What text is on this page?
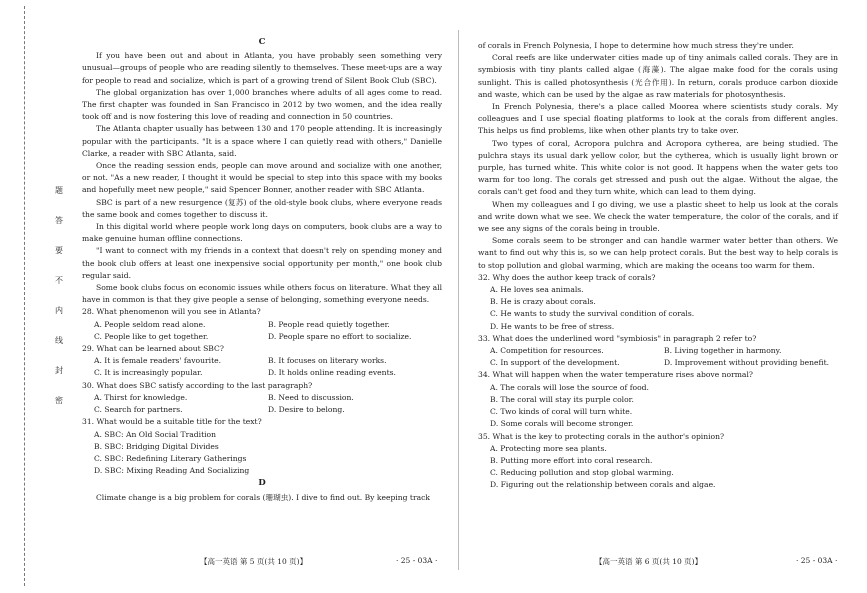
题
答
要
不
内
线
封
密
C

If you have been out and about in Atlanta, you have probably seen something very unusual—groups of people who are reading silently to themselves. These meet-ups are a way for people to read and socialize, which is part of a growing trend of Silent Book Club (SBC).

The global organization has over 1,000 branches where adults of all ages come to read. The first chapter was founded in San Francisco in 2012 by two women, and the idea really took off and is now fostering this love of reading and connection in 50 countries.

The Atlanta chapter usually has between 130 and 170 people attending. It is increasingly popular with the participants. "It is a space where I can quietly read with others," Danielle Clarke, a reader with SBC Atlanta, said.

Once the reading session ends, people can move around and socialize with one another, or not. "As a new reader, I thought it would be special to step into this space with my books and hopefully meet new people," said Spencer Bonner, another reader with SBC Atlanta.

SBC is part of a new resurgence (复苏) of the old-style book clubs, where everyone reads the same book and comes together to discuss it.

In this digital world where people work long days on computers, book clubs are a way to make genuine human offline connections.

"I want to connect with my friends in a context that doesn't rely on spending money and the book club offers at least one inexpensive social opportunity per month," one book club regular said.

Some book clubs focus on economic issues while others focus on literature. What they all have in common is that they give people a sense of belonging, something everyone needs.

28. What phenomenon will you see in Atlanta?

A. People seldom read alone.	B. People read quietly together.
C. People like to get together.	D. People spare no effort to socialize.

29. What can be learned about SBC?

A. It is female readers' favourite.	B. It focuses on literary works.
C. It is increasingly popular.	D. It holds online reading events.

30. What does SBC satisfy according to the last paragraph?

A. Thirst for knowledge.	B. Need to discussion.
C. Search for partners.	D. Desire to belong.

31. What would be a suitable title for the text?

A. SBC: An Old Social Tradition

B. SBC: Bridging Digital Divides

C. SBC: Redefining Literary Gatherings

D. SBC: Mixing Reading And Socializing

D

Climate change is a big problem for corals (珊瑚虫). I dive to find out. By keeping track

of corals in French Polynesia, I hope to determine how much stress they're under.

Coral reefs are like underwater cities made up of tiny animals called corals. They are in symbiosis with tiny plants called algae (海藻). The algae make food for the corals using sunlight. This is called photosynthesis (光合作用). In return, corals produce carbon dioxide and waste, which can be used by the algae as raw materials for photosynthesis.

In French Polynesia, there's a place called Moorea where scientists study corals. My colleagues and I use special floating platforms to look at the corals from different angles. This helps us find problems, like when other plants try to take over.

Two types of coral, Acropora pulchra and Acropora cytherea, are being studied. The pulchra stays its usual dark yellow color, but the cytherea, which is usually light brown or purple, has turned white. This white color is not good. It happens when the water gets too warm for too long. The corals get stressed and push out the algae. Without the algae, the corals can't get food and they turn white, which can lead to them dying.

When my colleagues and I go diving, we use a plastic sheet to help us look at the corals and write down what we see. We check the water temperature, the color of the corals, and if we see any signs of the corals being in trouble.

Some corals seem to be stronger and can handle warmer water better than others. We want to find out why this is, so we can help protect corals. But the best way to help corals is to stop pollution and global warming, which are making the oceans too warm for them.

32. Why does the author keep track of corals?

A. He loves sea animals.

B. He is crazy about corals.

C. He wants to study the survival condition of corals.

D. He wants to be free of stress.

33. What does the underlined word "symbiosis" in paragraph 2 refer to?

A. Competition for resources.	B. Living together in harmony.
C. In support of the development.	D. Improvement without providing benefit.

34. What will happen when the water temperature rises above normal?

A. The corals will lose the source of food.

B. The coral will stay its purple color.

C. Two kinds of coral will turn white.

D. Some corals will become stronger.

35. What is the key to protecting corals in the author's opinion?

A. Protecting more sea plants.

B. Putting more effort into coral research.

C. Reducing pollution and stop global warming.

D. Figuring out the relationship between corals and algae.

【高一英语 第 5 页(共 10 页)】	· 25 - 03A ·	【高一英语 第 6 页(共 10 页)】	· 25 - 03A ·
